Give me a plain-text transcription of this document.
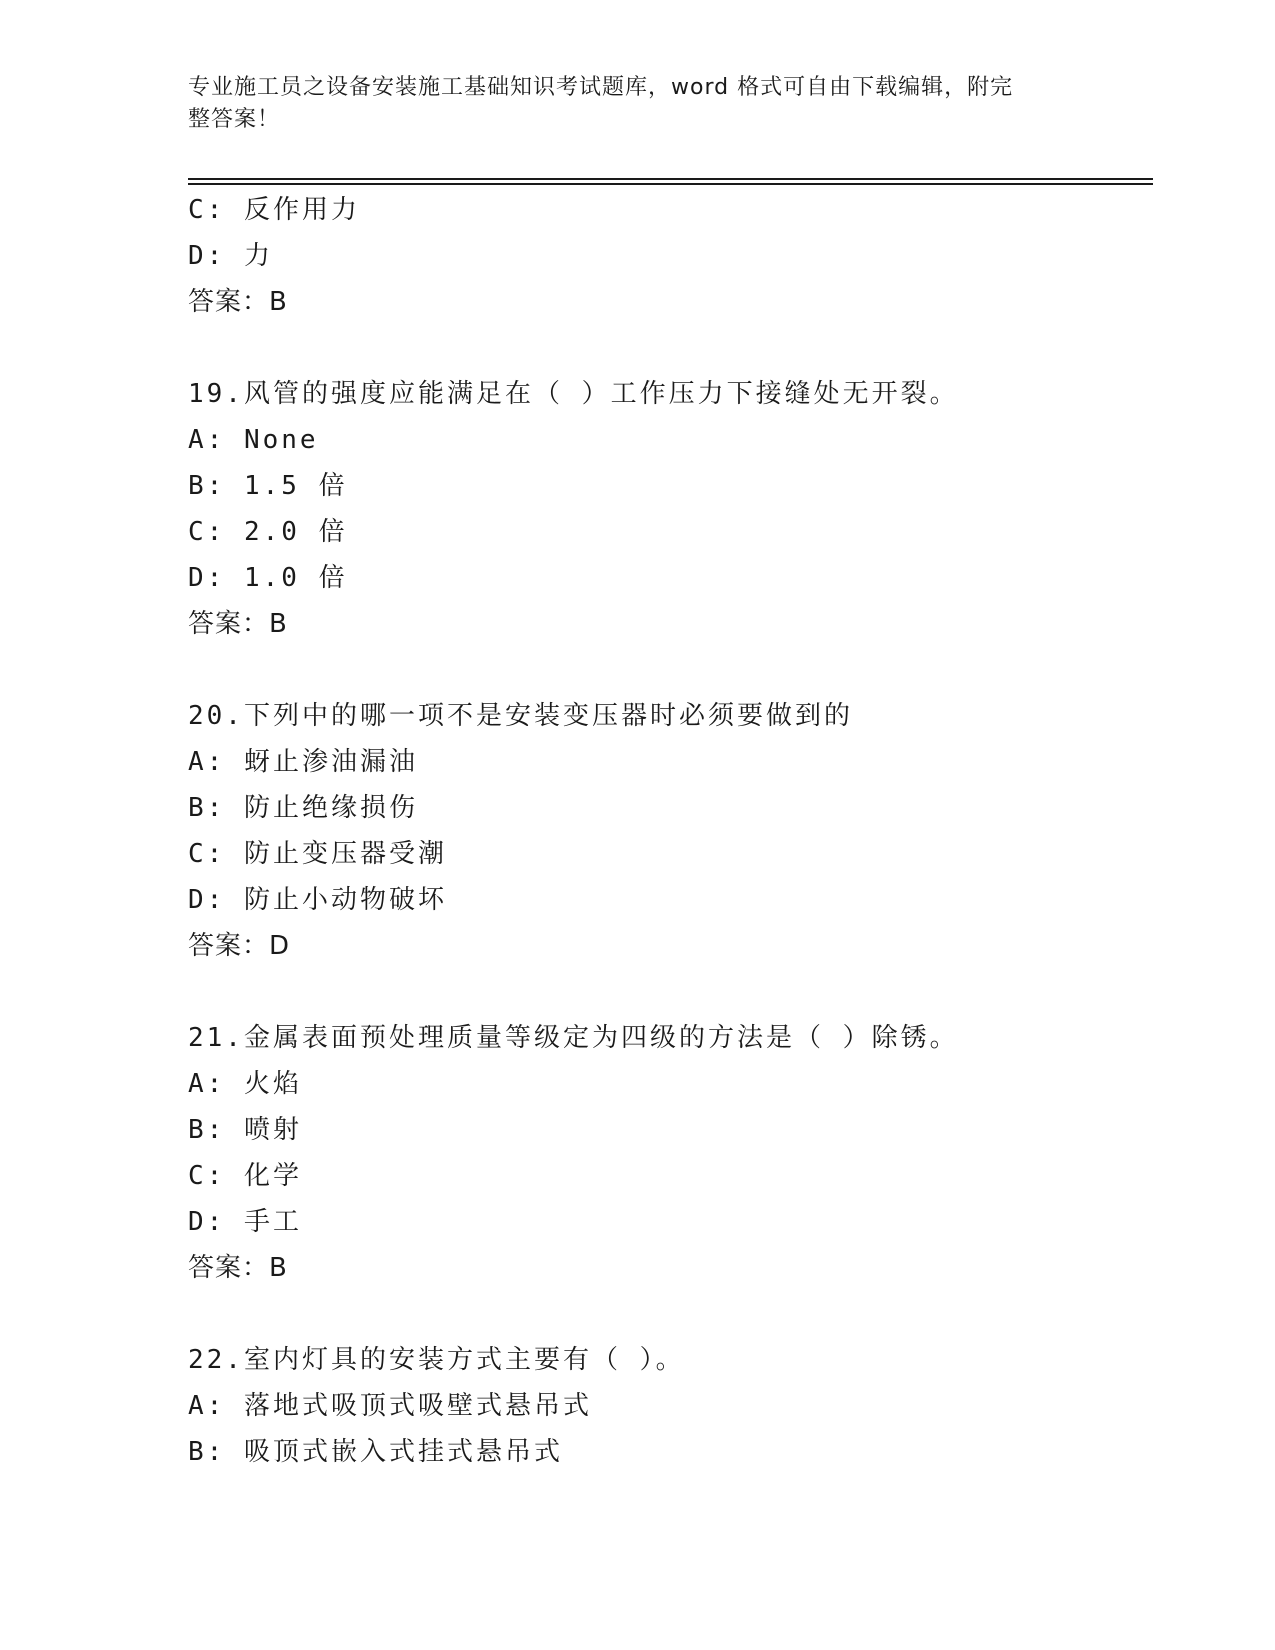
专业施工员之设备安装施工基础知识考试题库，word 格式可自由下载编辑，附完
整答案！
C: 反作用力
D: 力
答案：B
19.风管的强度应能满足在（ ）工作压力下接缝处无开裂。
A: None
B: 1.5 倍
C: 2.0 倍
D: 1.0 倍
答案：B
20.下列中的哪一项不是安装变压器时必须要做到的
A: 蚜止渗油漏油
B: 防止绝缘损伤
C: 防止变压器受潮
D: 防止小动物破坏
答案：D
21.金属表面预处理质量等级定为四级的方法是（ ）除锈。
A: 火焰
B: 喷射
C: 化学
D: 手工
答案：B
22.室内灯具的安装方式主要有（ ）。
A: 落地式吸顶式吸壁式悬吊式
B: 吸顶式嵌入式挂式悬吊式
